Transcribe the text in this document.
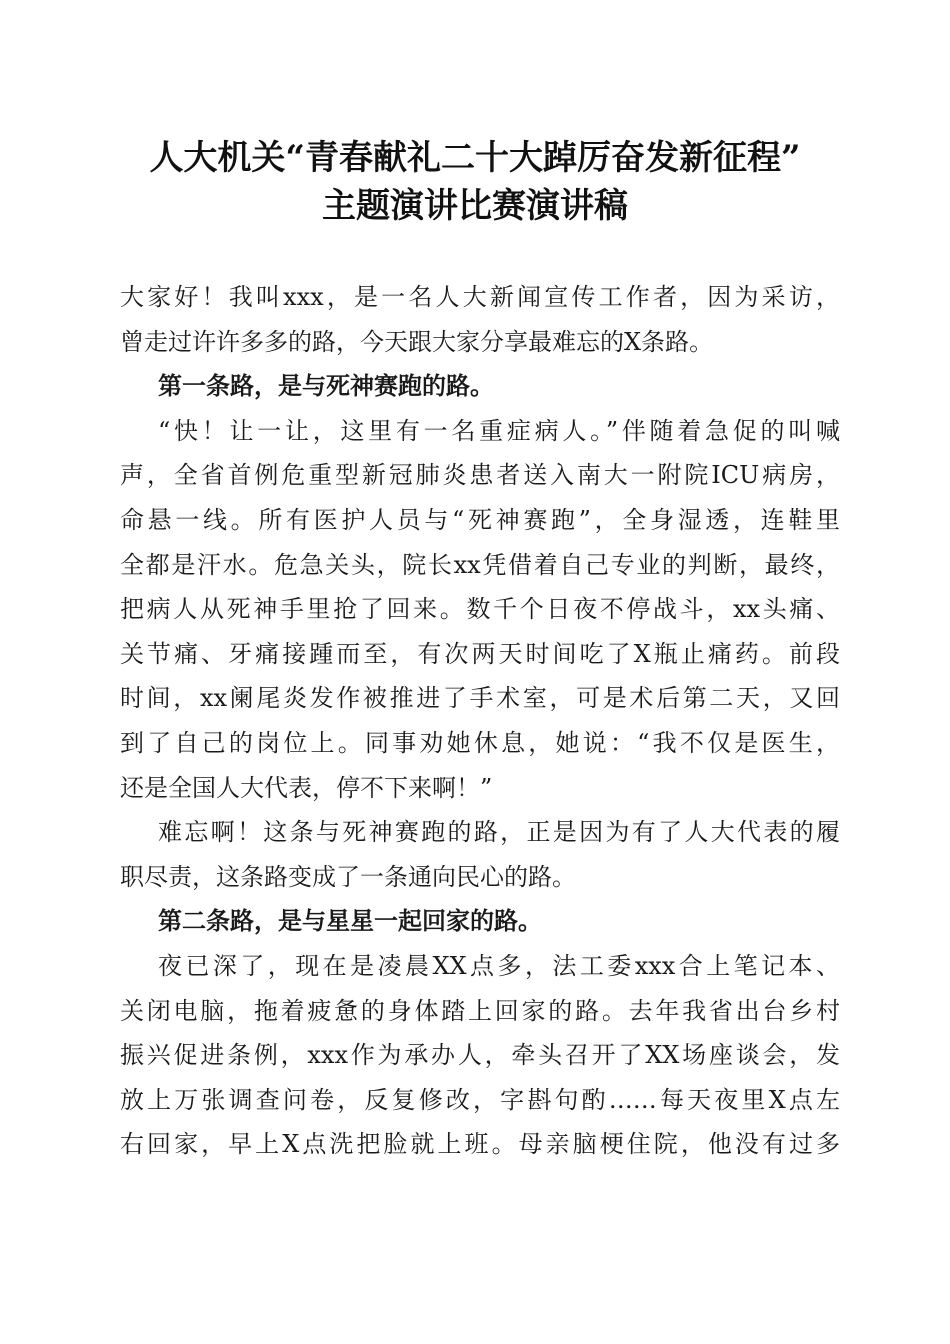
人大机关“青春献礼二十大踔厉奋发新征程”
主题演讲比赛演讲稿
大家好！我叫xxx，是一名人大新闻宣传工作者，因为采访，
曾走过许许多多的路，今天跟大家分享最难忘的X条路。
第一条路，是与死神赛跑的路。
“快！让一让，这里有一名重症病人。”伴随着急促的叫喊
声，全省首例危重型新冠肺炎患者送入南大一附院ICU病房，
命悬一线。所有医护人员与“死神赛跑”，全身湿透，连鞋里
全都是汗水。危急关头，院长xx凭借着自己专业的判断，最终，
把病人从死神手里抢了回来。数千个日夜不停战斗，xx头痛、
关节痛、牙痛接踵而至，有次两天时间吃了X瓶止痛药。前段
时间，xx阑尾炎发作被推进了手术室，可是术后第二天，又回
到了自己的岗位上。同事劝她休息，她说：“我不仅是医生，
还是全国人大代表，停不下来啊！”
难忘啊！这条与死神赛跑的路，正是因为有了人大代表的履
职尽责，这条路变成了一条通向民心的路。
第二条路，是与星星一起回家的路。
夜已深了，现在是凌晨XX点多，法工委xxx合上笔记本、
关闭电脑，拖着疲惫的身体踏上回家的路。去年我省出台乡村
振兴促进条例，xxx作为承办人，牵头召开了XX场座谈会，发
放上万张调查问卷，反复修改，字斟句酌……每天夜里X点左
右回家，早上X点洗把脸就上班。母亲脑梗住院，他没有过多
